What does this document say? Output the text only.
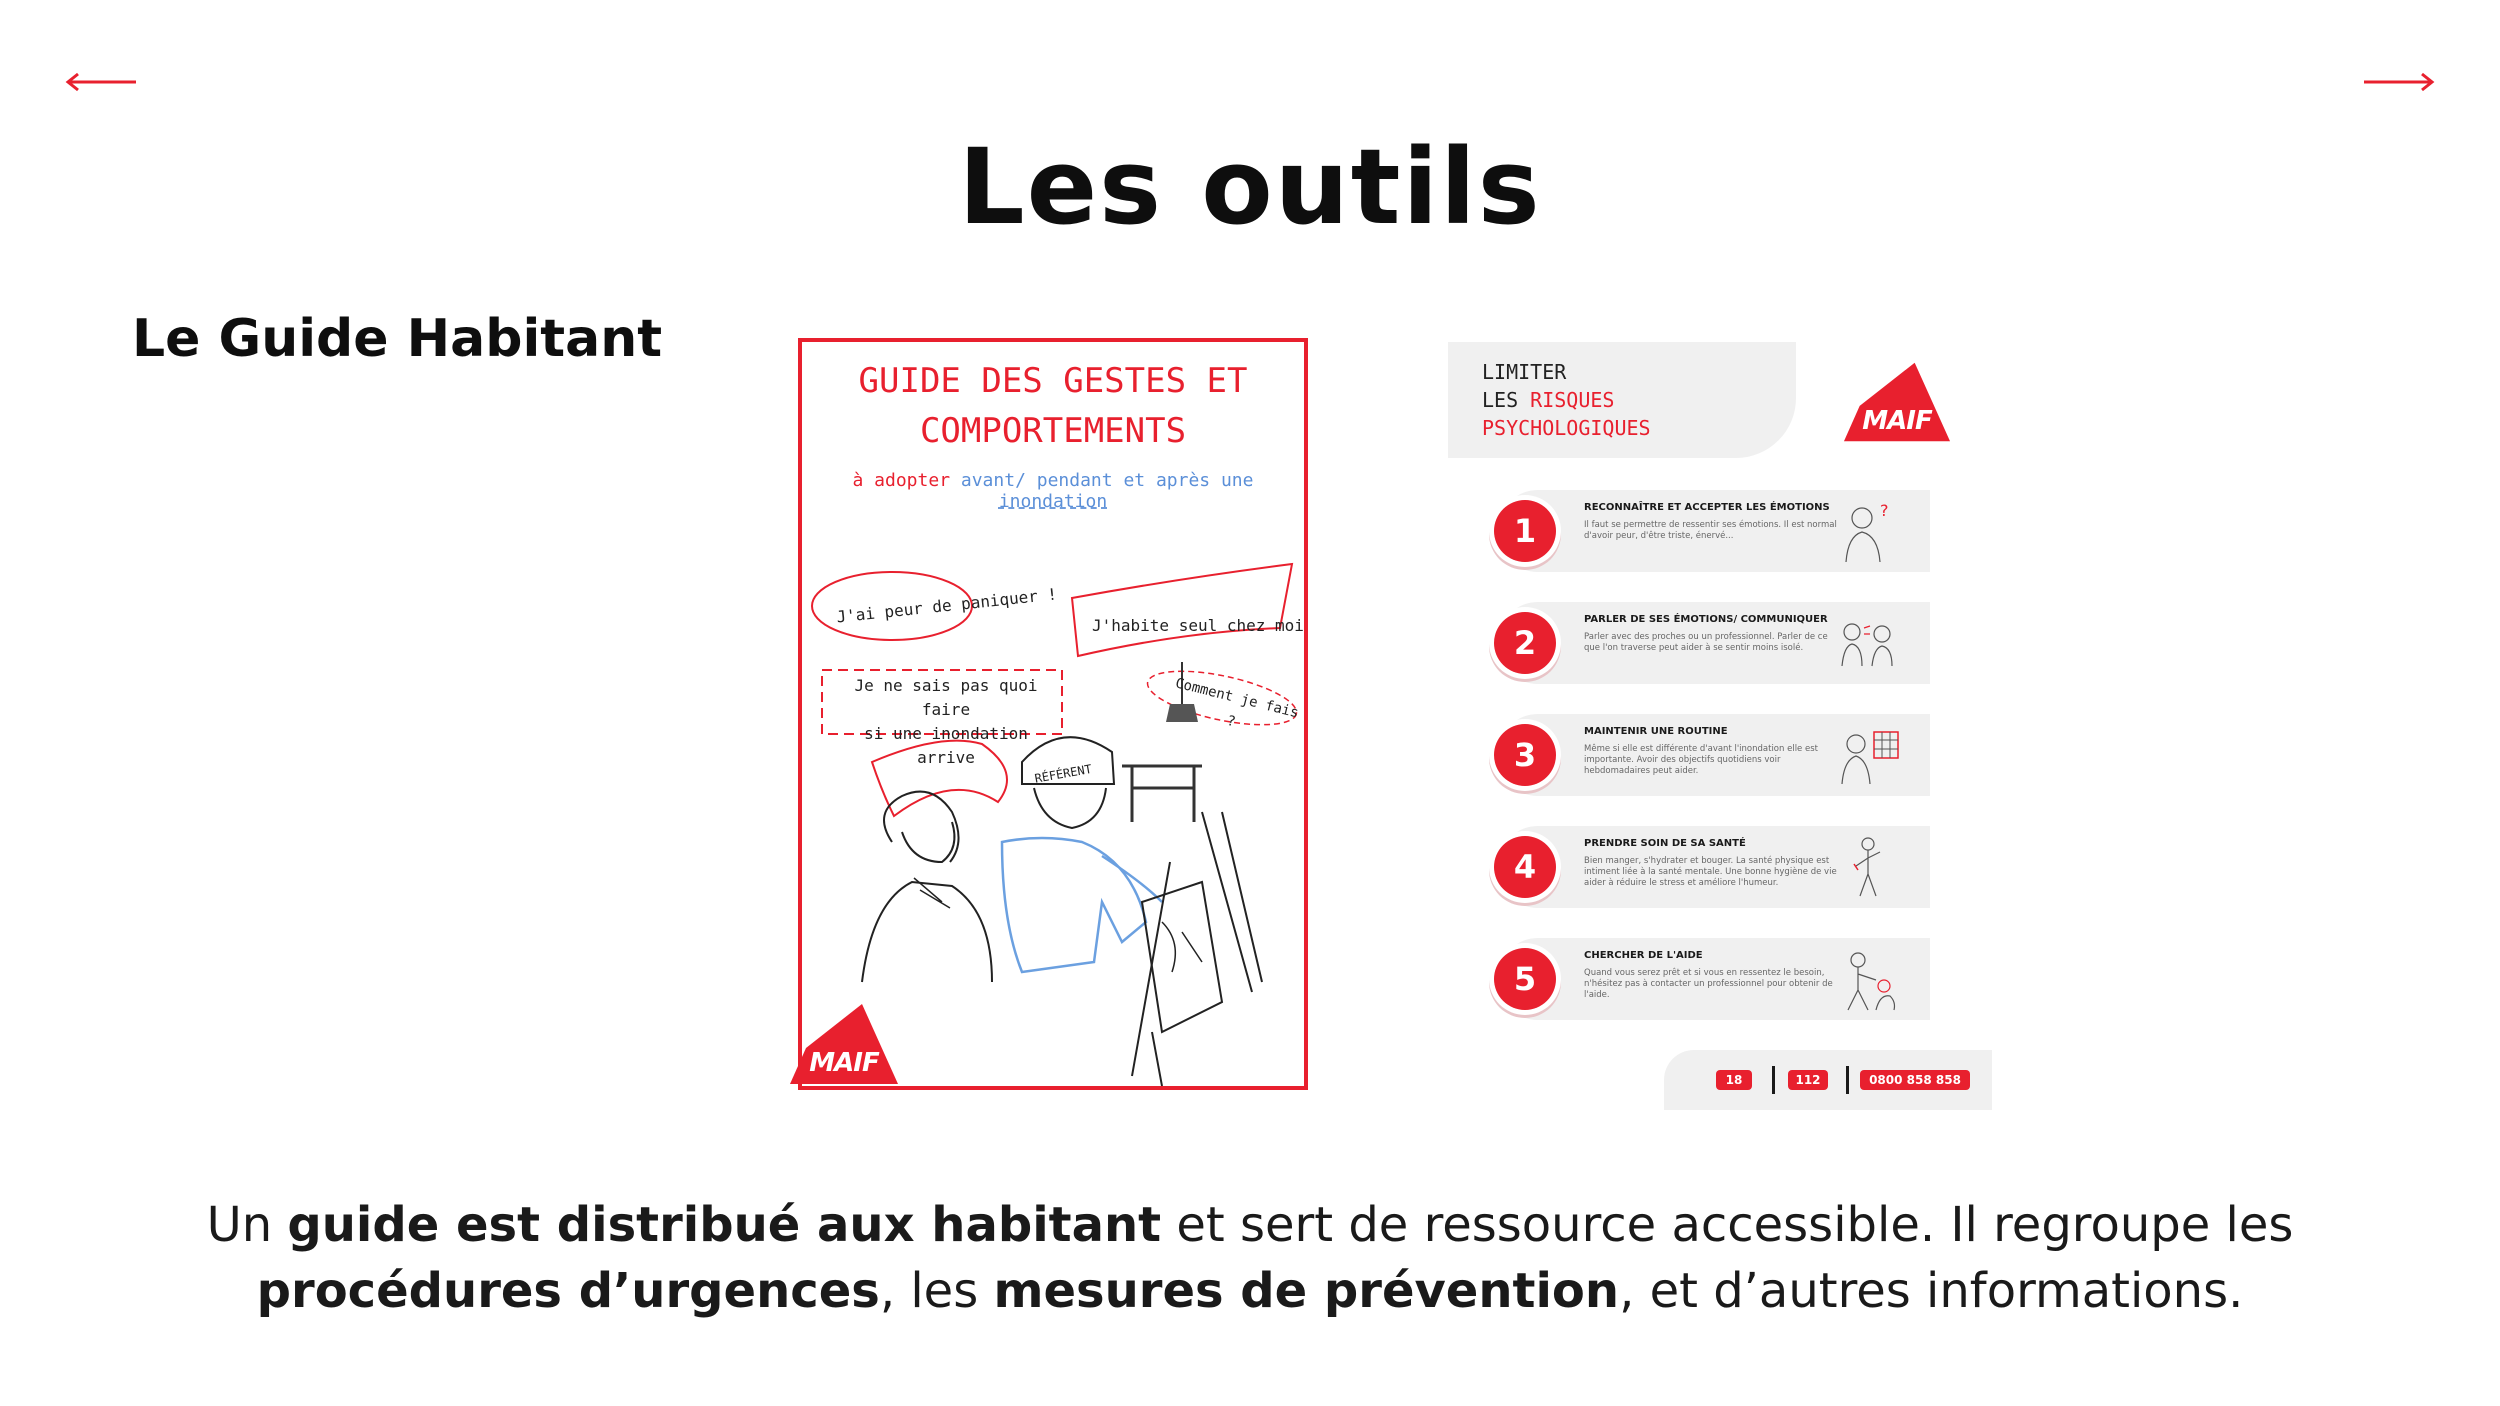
Les outils
Le Guide Habitant
GUIDE DES GESTES ET
COMPORTEMENTS
à adopter avant/ pendant et après une inondation
RÉFÉRENT
J'ai peur de paniquer ! J'habite seul chez moi
Je ne sais pas quoi faire
si une inondation arrive
Comment je fais ?
MAIF
LIMITER
LES RISQUES
PSYCHOLOGIQUES	MAIF
1
RECONNAÎTRE ET ACCEPTER LES ÉMOTIONS
Il faut se permettre de ressentir ses émotions. Il est normal d'avoir peur, d'être triste, énervé...
?
2
PARLER DE SES ÉMOTIONS/ COMMUNIQUER
Parler avec des proches ou un professionnel. Parler de ce que l'on traverse peut aider à se sentir moins isolé.
3
MAINTENIR UNE ROUTINE
Même si elle est différente d'avant l'inondation elle est importante. Avoir des objectifs quotidiens voir hebdomadaires peut aider.
4
PRENDRE SOIN DE SA SANTÉ
Bien manger, s'hydrater et bouger. La santé physique est intiment liée à la santé mentale. Une bonne hygiène de vie aider à réduire le stress et améliore l'humeur.
5
CHERCHER DE L'AIDE
Quand vous serez prêt et si vous en ressentez le besoin, n'hésitez pas à contacter un professionnel pour obtenir de l'aide.
18	112	0800 858 858
Un guide est distribué aux habitant et sert de ressource accessible. Il regroupe les
procédures d’urgences, les mesures de prévention, et d’autres informations.
